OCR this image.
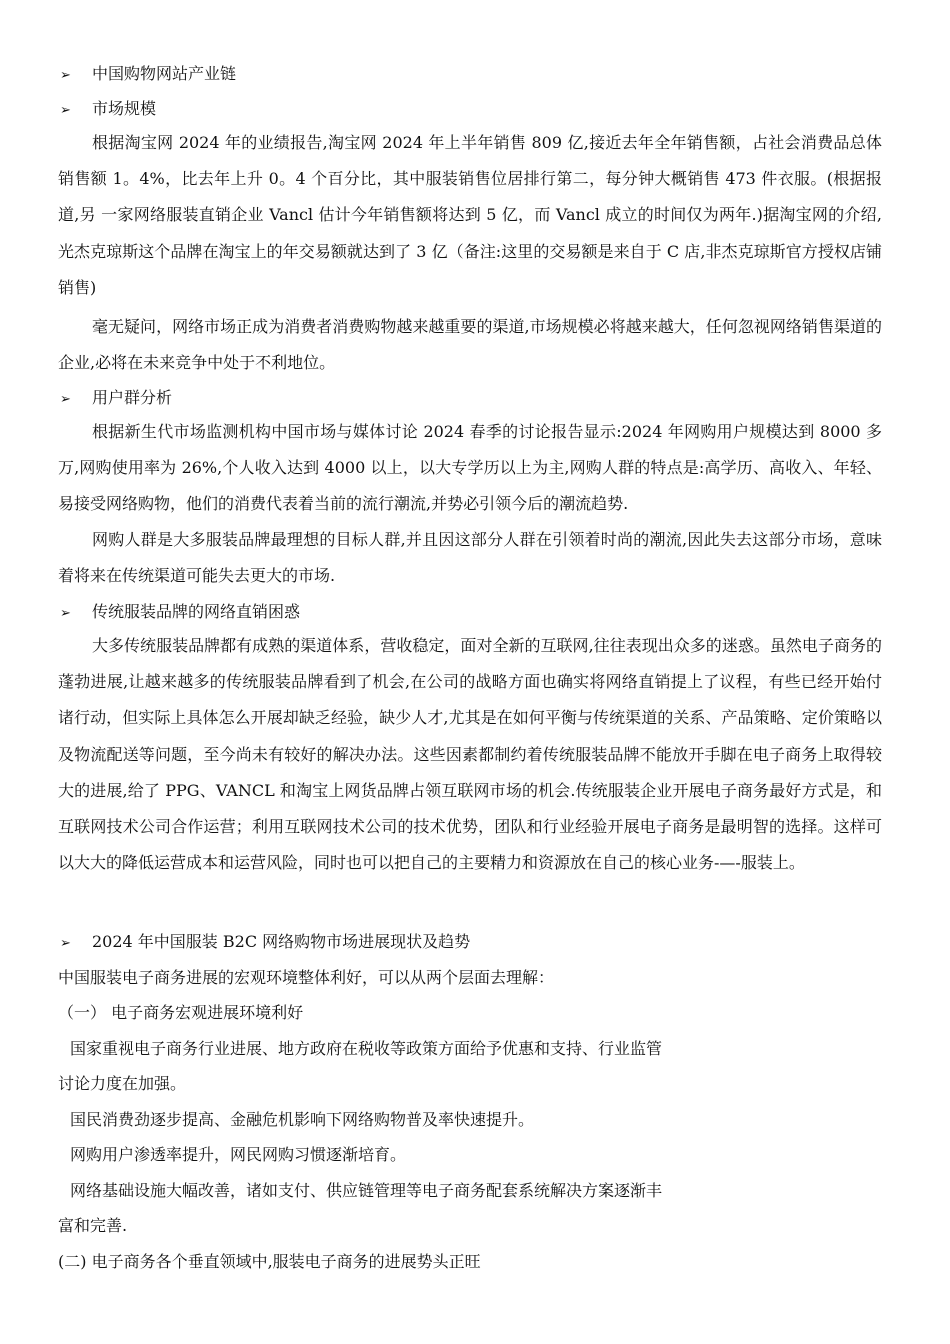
➢ 中国购物网站产业链
➢ 市场规模
根据淘宝网 2024 年的业绩报告,淘宝网 2024 年上半年销售 809 亿,接近去年全年销售额，占社会消费品总体销售额 1。4%，比去年上升 0。4 个百分比，其中服装销售位居排行第二，每分钟大概销售 473 件衣服。(根据报道,另 一家网络服装直销企业 Vancl 估计今年销售额将达到 5 亿，而 Vancl 成立的时间仅为两年.)据淘宝网的介绍,光杰克琼斯这个品牌在淘宝上的年交易额就达到了 3 亿（备注:这里的交易额是来自于 C 店,非杰克琼斯官方授权店铺销售)
毫无疑问，网络市场正成为消费者消费购物越来越重要的渠道,市场规模必将越来越大，任何忽视网络销售渠道的企业,必将在未来竞争中处于不利地位。
➢ 用户群分析
根据新生代市场监测机构中国市场与媒体讨论 2024 春季的讨论报告显示:2024 年网购用户规模达到 8000 多万,网购使用率为 26%,个人收入达到 4000 以上，以大专学历以上为主,网购人群的特点是:高学历、高收入、年轻、易接受网络购物，他们的消费代表着当前的流行潮流,并势必引领今后的潮流趋势.
网购人群是大多服装品牌最理想的目标人群,并且因这部分人群在引领着时尚的潮流,因此失去这部分市场，意味着将来在传统渠道可能失去更大的市场.
➢ 传统服装品牌的网络直销困惑
大多传统服装品牌都有成熟的渠道体系，营收稳定，面对全新的互联网,往往表现出众多的迷惑。虽然电子商务的蓬勃进展,让越来越多的传统服装品牌看到了机会,在公司的战略方面也确实将网络直销提上了议程，有些已经开始付诸行动，但实际上具体怎么开展却缺乏经验，缺少人才,尤其是在如何平衡与传统渠道的关系、产品策略、定价策略以及物流配送等问题，至今尚未有较好的解决办法。这些因素都制约着传统服装品牌不能放开手脚在电子商务上取得较大的进展,给了 PPG、VANCL 和淘宝上网货品牌占领互联网市场的机会.传统服装企业开展电子商务最好方式是，和互联网技术公司合作运营；利用互联网技术公司的技术优势，团队和行业经验开展电子商务是最明智的选择。这样可以大大的降低运营成本和运营风险，同时也可以把自己的主要精力和资源放在自己的核心业务-—-服装上。
➢ 2024 年中国服装 B2C 网络购物市场进展现状及趋势
中国服装电子商务进展的宏观环境整体利好，可以从两个层面去理解：
（一） 电子商务宏观进展环境利好
国家重视电子商务行业进展、地方政府在税收等政策方面给予优惠和支持、行业监管
讨论力度在加强。
国民消费劲逐步提高、金融危机影响下网络购物普及率快速提升。
网购用户渗透率提升，网民网购习惯逐渐培育。
网络基础设施大幅改善，诸如支付、供应链管理等电子商务配套系统解决方案逐渐丰
富和完善.
(二) 电子商务各个垂直领域中,服装电子商务的进展势头正旺
